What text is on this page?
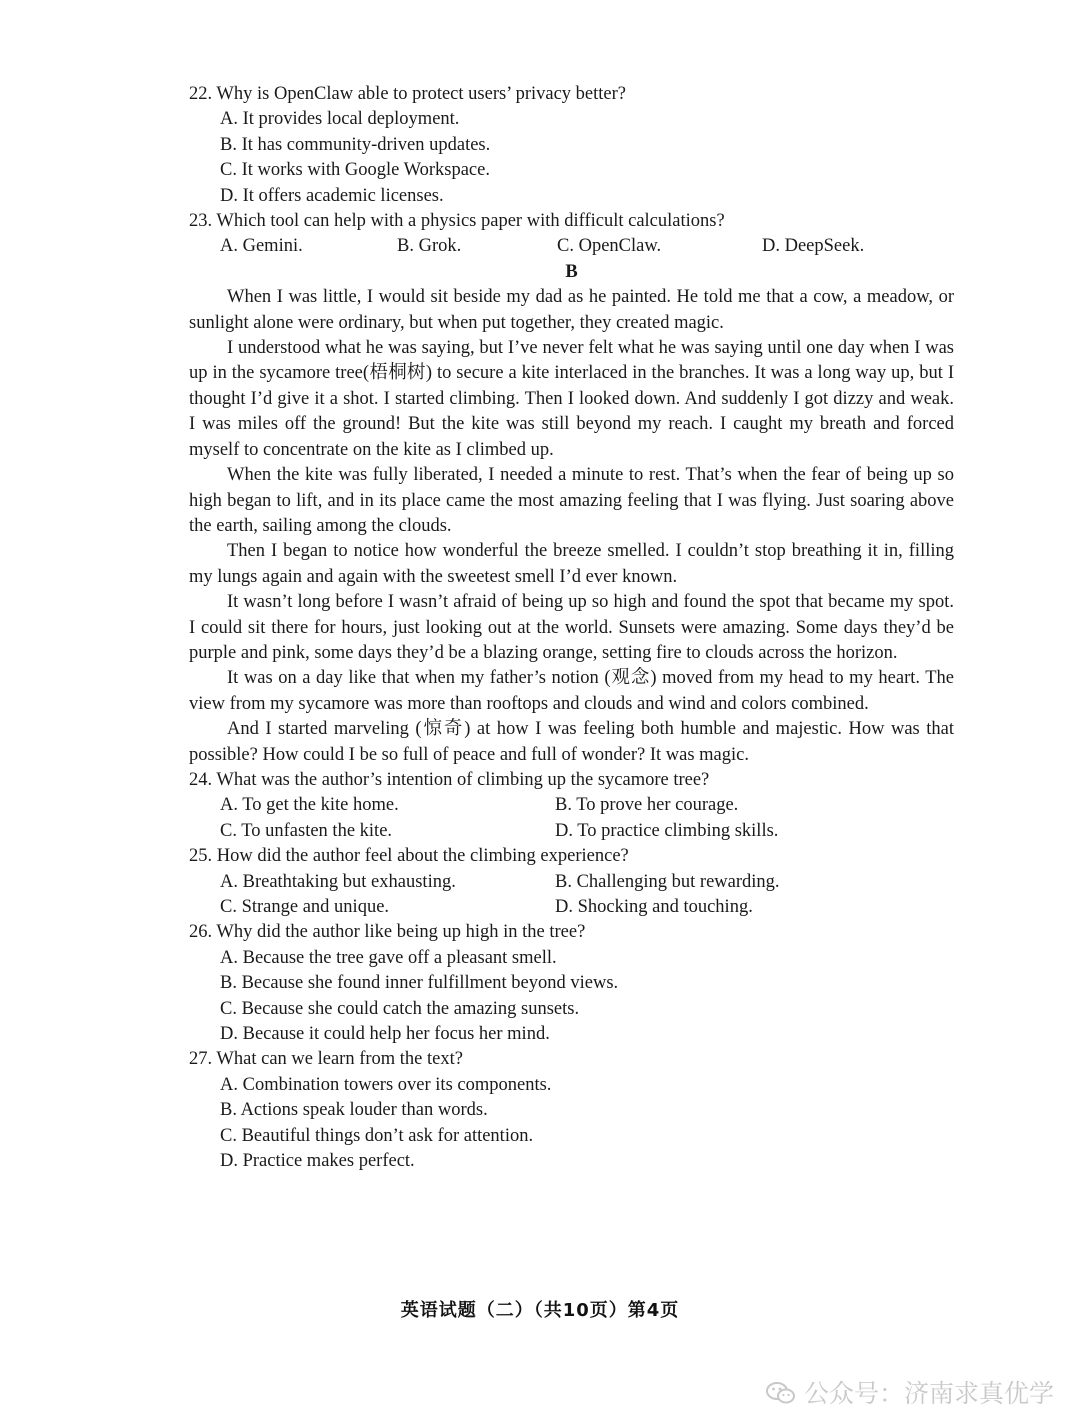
22. Why is OpenClaw able to protect users’ privacy better?

A. It provides local deployment.

B. It has community-driven updates.

C. It works with Google Workspace.

D. It offers academic licenses.

23. Which tool can help with a physics paper with difficult calculations?

A. Gemini.	B. Grok.	C. OpenClaw.	D. DeepSeek.

B

When I was little, I would sit beside my dad as he painted. He told me that a cow, a meadow, or sunlight alone were ordinary, but when put together, they created magic.

I understood what he was saying, but I’ve never felt what he was saying until one day when I was up in the sycamore tree(梧桐树) to secure a kite interlaced in the branches. It was a long way up, but I thought I’d give it a shot. I started climbing. Then I looked down. And suddenly I got dizzy and weak. I was miles off the ground! But the kite was still beyond my reach. I caught my breath and forced myself to concentrate on the kite as I climbed up.

When the kite was fully liberated, I needed a minute to rest. That’s when the fear of being up so high began to lift, and in its place came the most amazing feeling that I was flying. Just soaring above the earth, sailing among the clouds.

Then I began to notice how wonderful the breeze smelled. I couldn’t stop breathing it in, filling my lungs again and again with the sweetest smell I’d ever known.

It wasn’t long before I wasn’t afraid of being up so high and found the spot that became my spot. I could sit there for hours, just looking out at the world. Sunsets were amazing. Some days they’d be purple and pink, some days they’d be a blazing orange, setting fire to clouds across the horizon.

It was on a day like that when my father’s notion (观念) moved from my head to my heart. The view from my sycamore was more than rooftops and clouds and wind and colors combined.

And I started marveling (惊奇) at how I was feeling both humble and majestic. How was that possible? How could I be so full of peace and full of wonder? It was magic.

24. What was the author’s intention of climbing up the sycamore tree?

A. To get the kite home.	B. To prove her courage.
C. To unfasten the kite.	D. To practice climbing skills.

25. How did the author feel about the climbing experience?

A. Breathtaking but exhausting.	B. Challenging but rewarding.
C. Strange and unique.	D. Shocking and touching.

26. Why did the author like being up high in the tree?

A. Because the tree gave off a pleasant smell.

B. Because she found inner fulfillment beyond views.

C. Because she could catch the amazing sunsets.

D. Because it could help her focus her mind.

27. What can we learn from the text?

A. Combination towers over its components.

B. Actions speak louder than words.

C. Beautiful things don’t ask for attention.

D. Practice makes perfect.

英语试题（二）（共10页）第4页
公众号：济南求真优学
